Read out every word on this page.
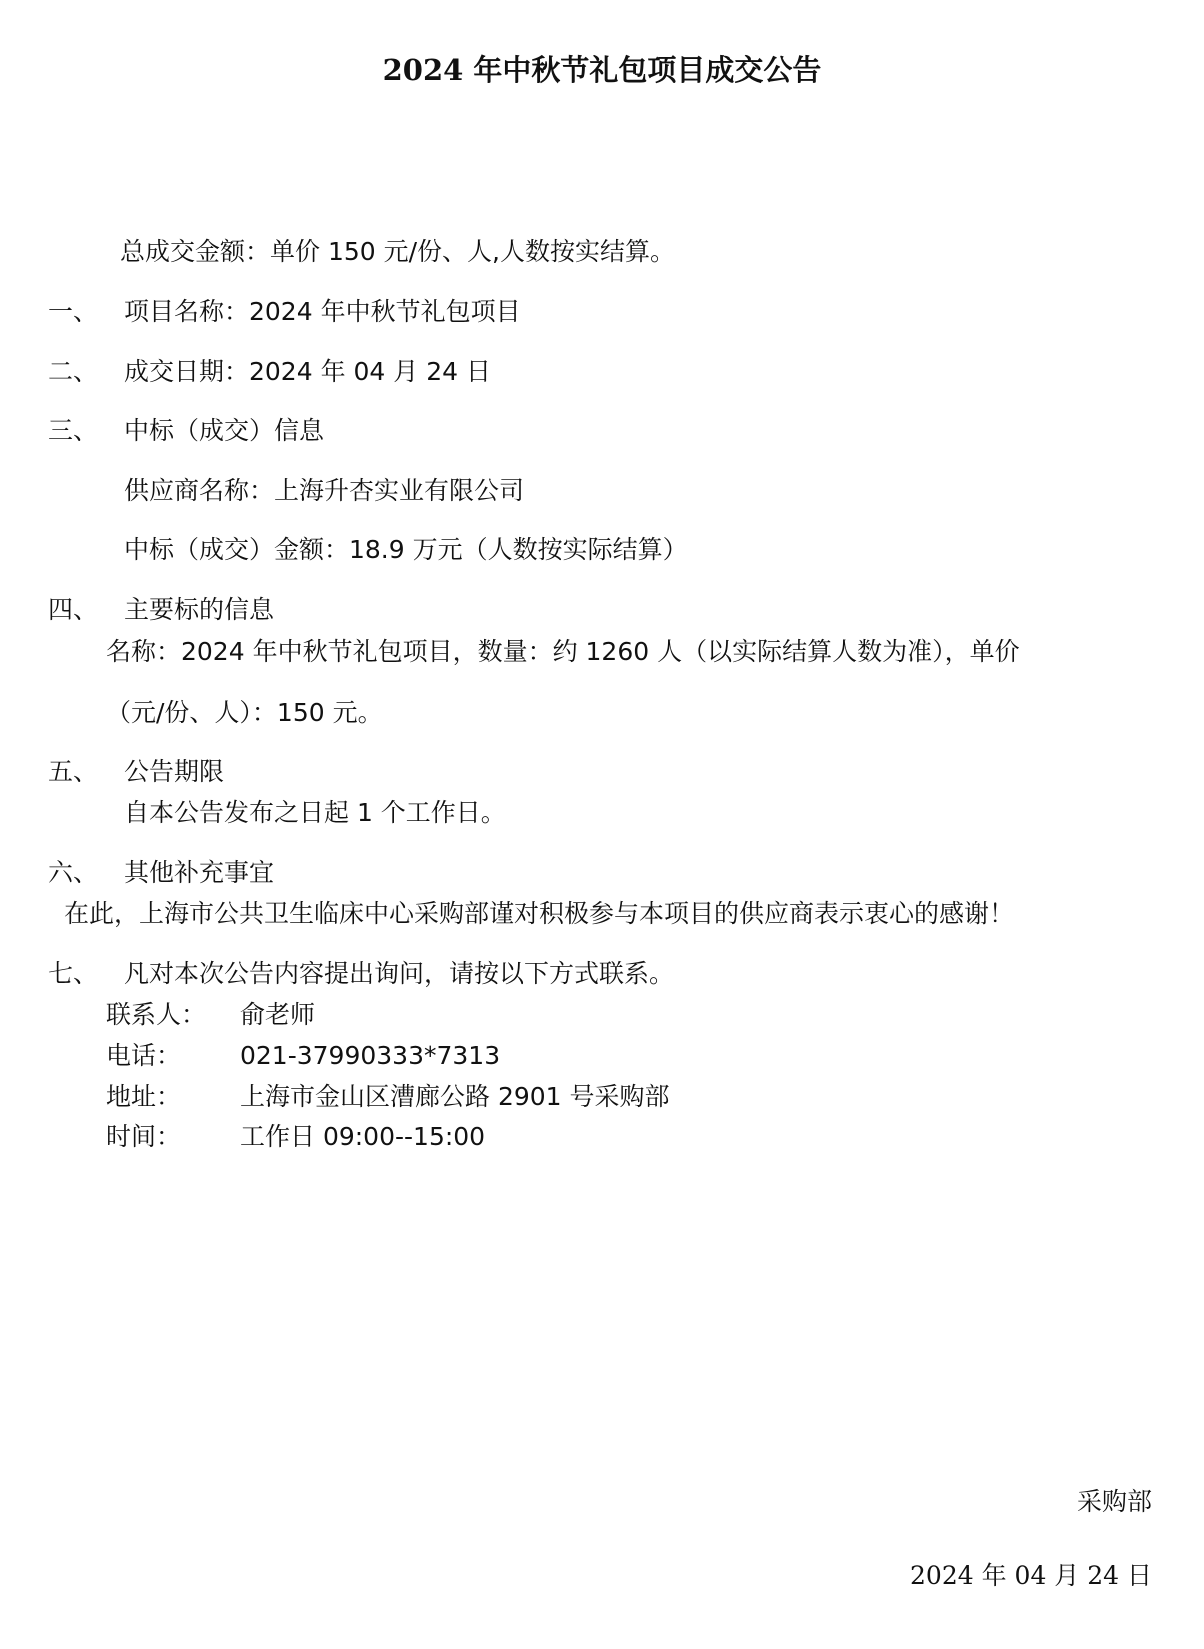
2024 年中秋节礼包项目成交公告
总成交金额：单价 150 元/份、人,人数按实结算。
一、 项目名称：2024 年中秋节礼包项目
二、 成交日期：2024 年 04 月 24 日
三、 中标（成交）信息
供应商名称：上海升杏实业有限公司
中标（成交）金额：18.9 万元（人数按实际结算）
四、 主要标的信息
名称：2024 年中秋节礼包项目，数量：约 1260 人（以实际结算人数为准），单价
（元/份、人）：150 元。
五、 公告期限
自本公告发布之日起 1 个工作日。
六、 其他补充事宜
在此，上海市公共卫生临床中心采购部谨对积极参与本项目的供应商表示衷心的感谢！
七、 凡对本次公告内容提出询问，请按以下方式联系。
联系人： 俞老师
电话： 021-37990333*7313
地址： 上海市金山区漕廊公路 2901 号采购部
时间： 工作日 09:00--15:00
采购部
2024 年 04 月 24 日
